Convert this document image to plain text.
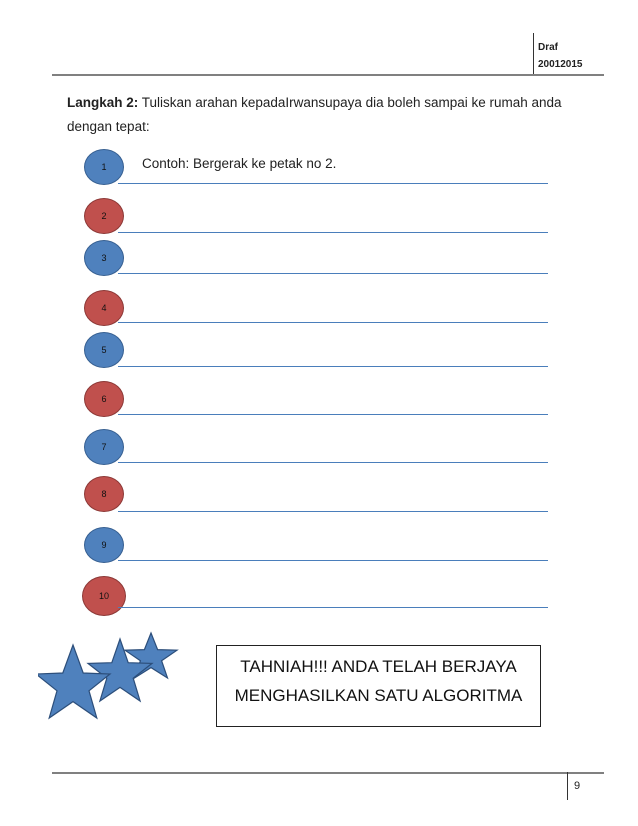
Draf
20012015
Langkah 2: Tuliskan arahan kepadaIrwansupaya dia boleh sampai ke rumah anda dengan tepat:
1	Contoh: Bergerak ke petak no 2.
2
3
4
5
6
7
8
9
10
TAHNIAH!!! ANDA TELAH BERJAYA
MENGHASILKAN SATU ALGORITMA
9
